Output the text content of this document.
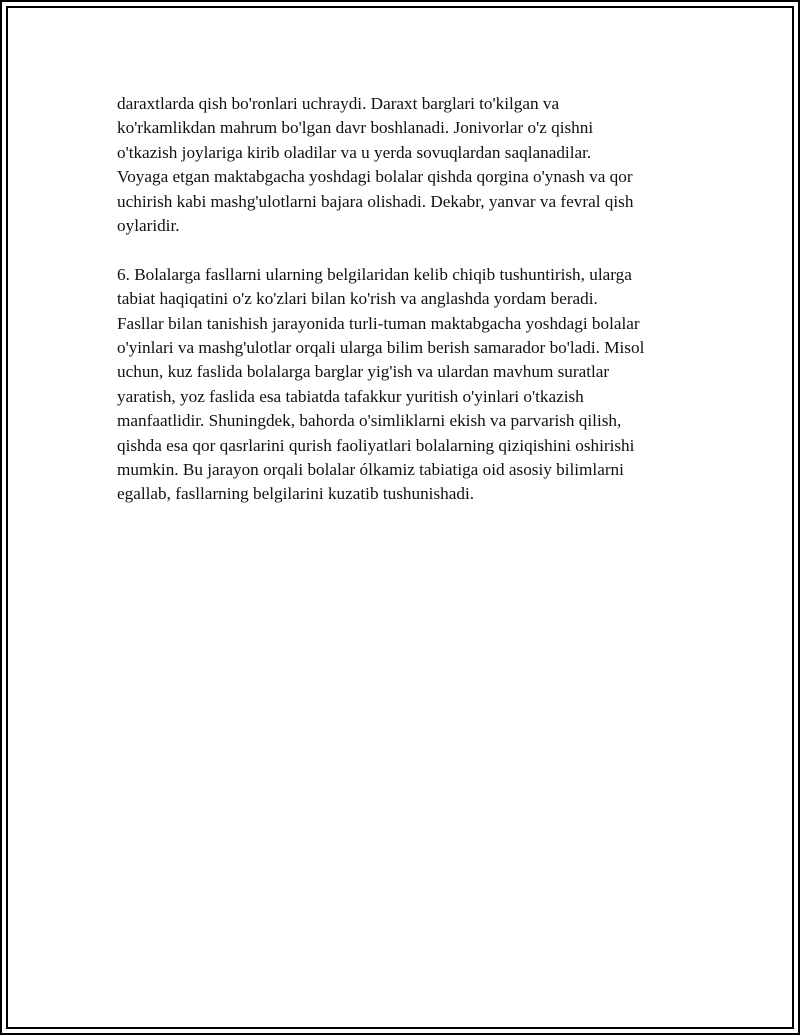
daraxtlarda qish bo'ronlari uchraydi. Daraxt barglari to'kilgan va
ko'rkamlikdan mahrum bo'lgan davr boshlanadi. Jonivorlar o'z qishni
o'tkazish joylariga kirib oladilar va u yerda sovuqlardan saqlanadilar.
Voyaga etgan maktabgacha yoshdagi bolalar qishda qorgina o'ynash va qor
uchirish kabi mashg'ulotlarni bajara olishadi. Dekabr, yanvar va fevral qish
oylaridir.

6. Bolalarga fasllarni ularning belgilaridan kelib chiqib tushuntirish, ularga
tabiat haqiqatini o'z ko'zlari bilan ko'rish va anglashda yordam beradi.
Fasllar bilan tanishish jarayonida turli-tuman maktabgacha yoshdagi bolalar
o'yinlari va mashg'ulotlar orqali ularga bilim berish samarador bo'ladi. Misol
uchun, kuz faslida bolalarga barglar yig'ish va ulardan mavhum suratlar
yaratish, yoz faslida esa tabiatda tafakkur yuritish o'yinlari o'tkazish
manfaatlidir. Shuningdek, bahorda o'simliklarni ekish va parvarish qilish,
qishda esa qor qasrlarini qurish faoliyatlari bolalarning qiziqishini oshirishi
mumkin. Bu jarayon orqali bolalar ólkamiz tabiatiga oid asosiy bilimlarni
egallab, fasllarning belgilarini kuzatib tushunishadi.
